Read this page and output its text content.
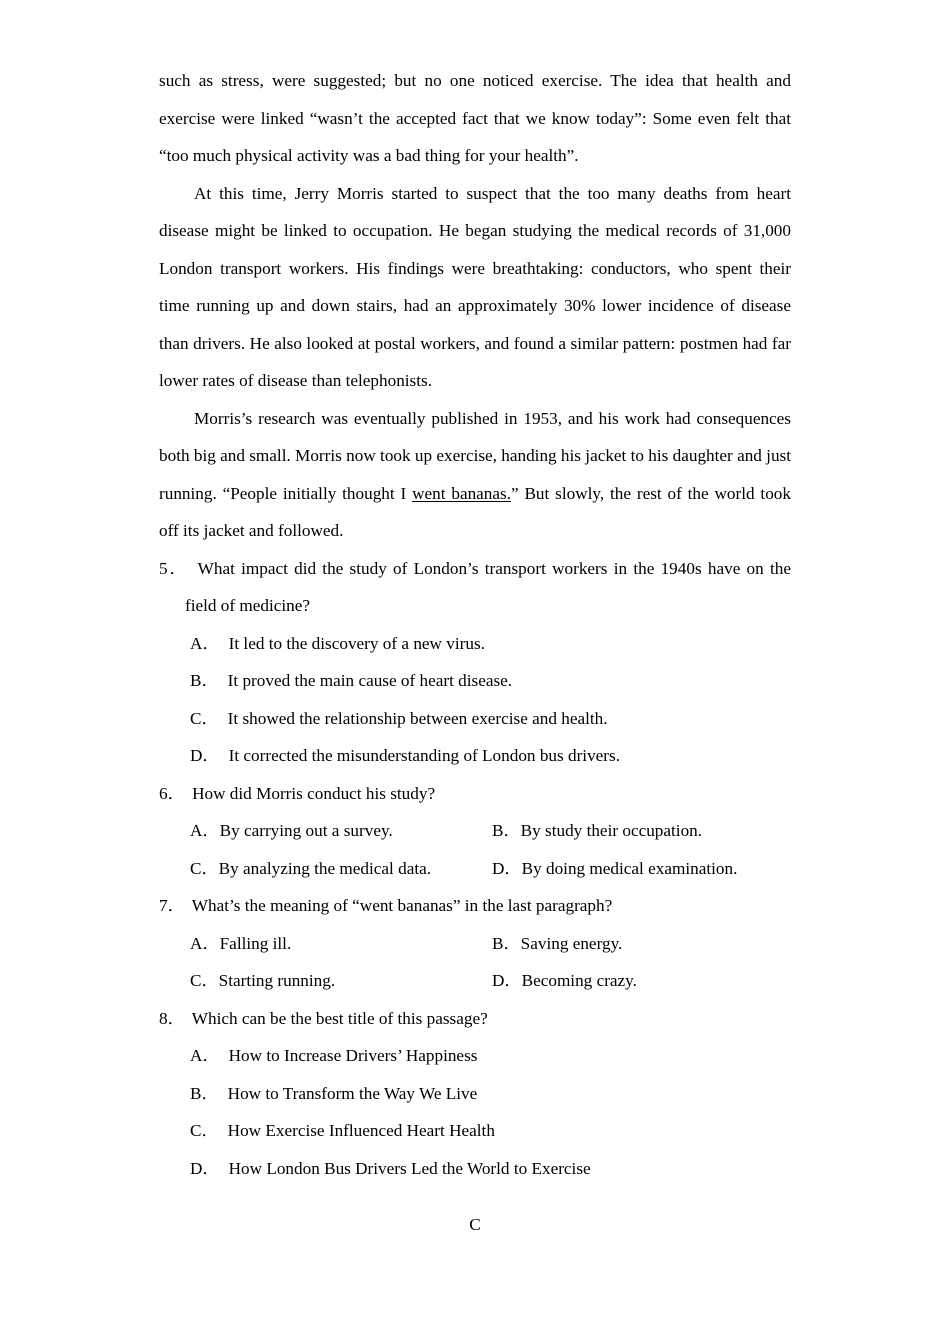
such as stress, were suggested; but no one noticed exercise. The idea that health and exercise were linked “wasn’t the accepted fact that we know today”: Some even felt that “too much physical activity was a bad thing for your health”.

At this time, Jerry Morris started to suspect that the too many deaths from heart disease might be linked to occupation. He began studying the medical records of 31,000 London transport workers. His findings were breathtaking: conductors, who spent their time running up and down stairs, had an approximately 30% lower incidence of disease than drivers. He also looked at postal workers, and found a similar pattern: postmen had far lower rates of disease than telephonists.

Morris’s research was eventually published in 1953, and his work had consequences both big and small. Morris now took up exercise, handing his jacket to his daughter and just running. “People initially thought I went bananas.” But slowly, the rest of the world took off its jacket and followed.

5． What impact did the study of London’s transport workers in the 1940s have on the field of medicine?

A． It led to the discovery of a new virus.
B． It proved the main cause of heart disease.
C． It showed the relationship between exercise and health.
D． It corrected the misunderstanding of London bus drivers.

6． How did Morris conduct his study?

A．By carrying out a survey.	B．By study their occupation.
C．By analyzing the medical data.	D．By doing medical examination.

7． What’s the meaning of “went bananas” in the last paragraph?

A．Falling ill.	B．Saving energy.
C．Starting running.	D．Becoming crazy.

8． Which can be the best title of this passage?

A． How to Increase Drivers’ Happiness
B． How to Transform the Way We Live
C． How Exercise Influenced Heart Health
D． How London Bus Drivers Led the World to Exercise
C
